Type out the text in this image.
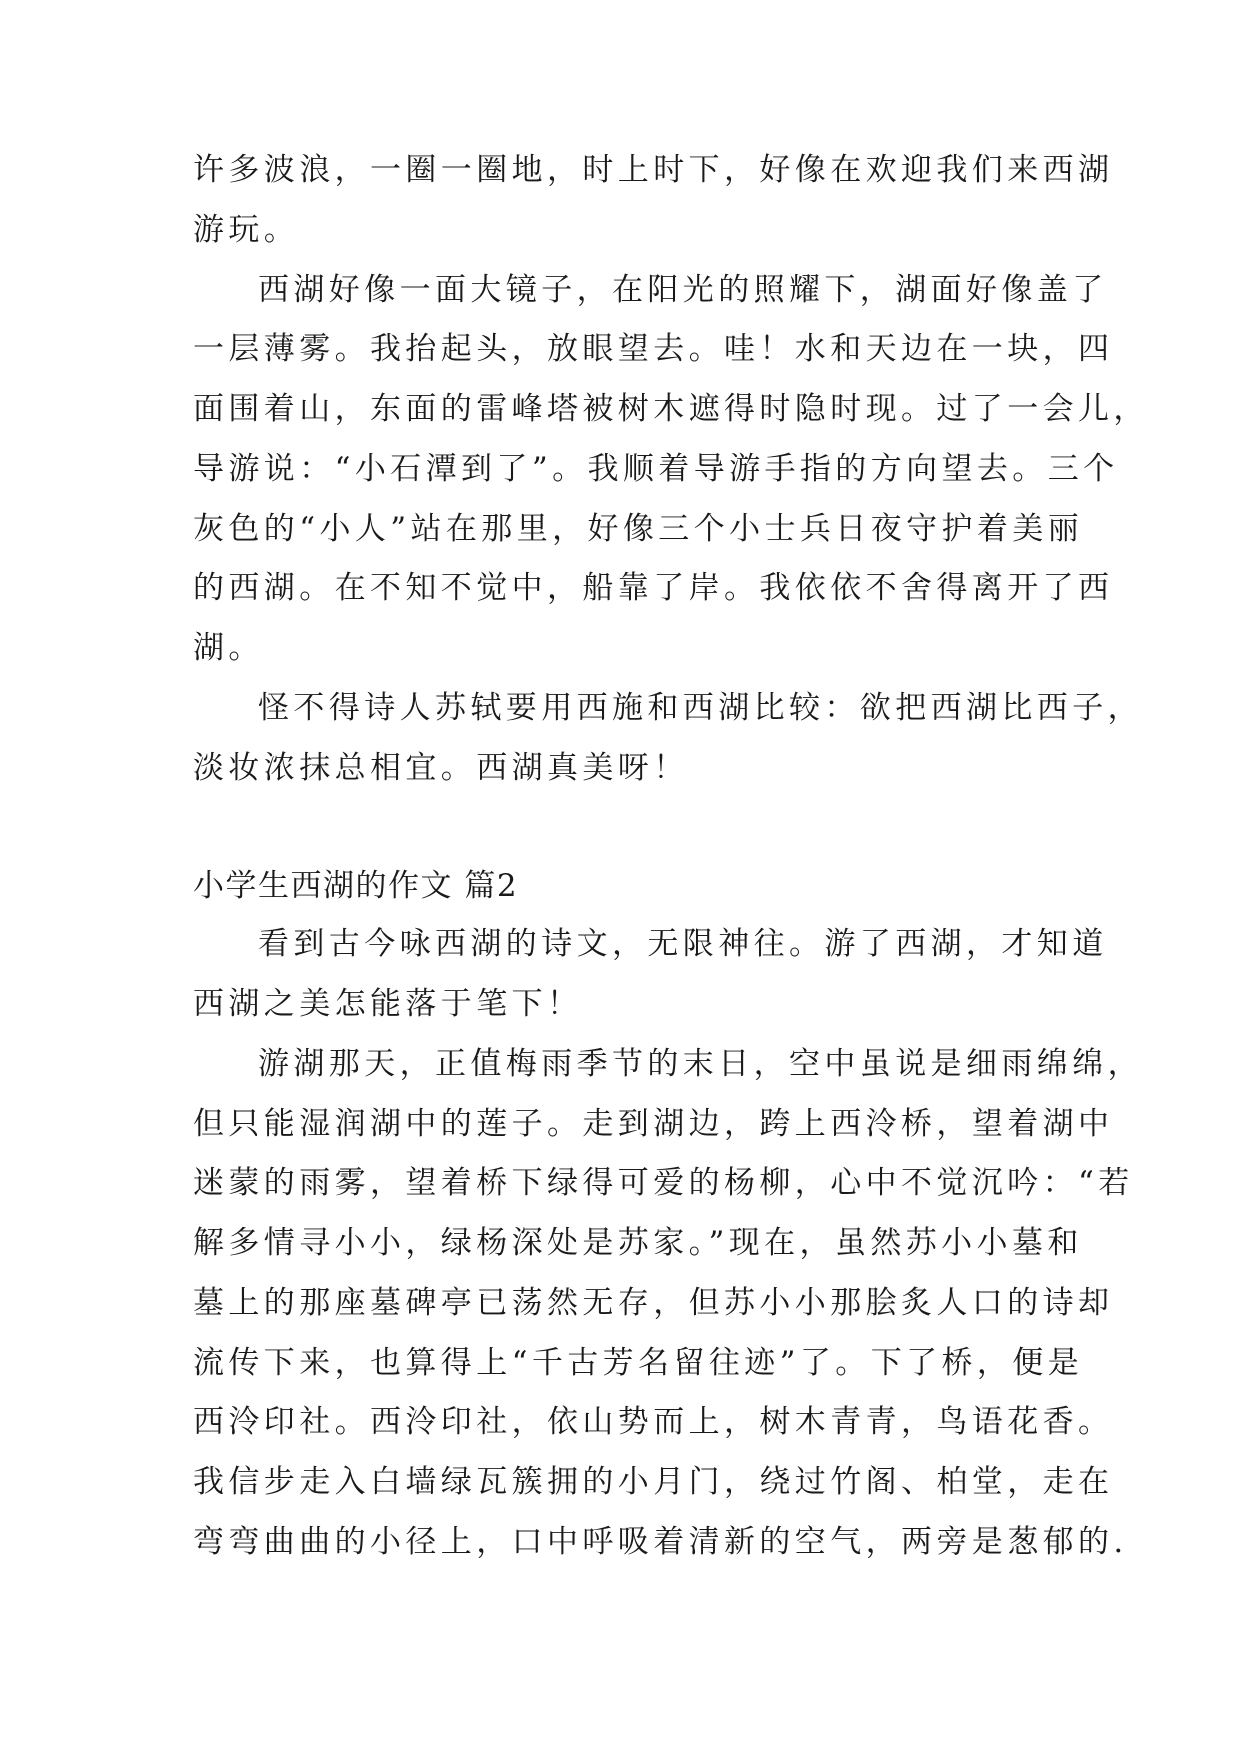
许多波浪，一圈一圈地，时上时下，好像在欢迎我们来西湖
游玩。
西湖好像一面大镜子，在阳光的照耀下，湖面好像盖了
一层薄雾。我抬起头，放眼望去。哇！水和天边在一块，四
面围着山，东面的雷峰塔被树木遮得时隐时现。过了一会儿，
导游说：“小石潭到了”。我顺着导游手指的方向望去。三个
灰色的“小人”站在那里，好像三个小士兵日夜守护着美丽
的西湖。在不知不觉中，船靠了岸。我依依不舍得离开了西
湖。
怪不得诗人苏轼要用西施和西湖比较：欲把西湖比西子，
淡妆浓抹总相宜。西湖真美呀！
小学生西湖的作文 篇2
看到古今咏西湖的诗文，无限神往。游了西湖，才知道
西湖之美怎能落于笔下！
游湖那天，正值梅雨季节的末日，空中虽说是细雨绵绵，
但只能湿润湖中的莲子。走到湖边，跨上西泠桥，望着湖中
迷蒙的雨雾，望着桥下绿得可爱的杨柳，心中不觉沉吟：“若
解多情寻小小，绿杨深处是苏家。”现在，虽然苏小小墓和
墓上的那座墓碑亭已荡然无存，但苏小小那脍炙人口的诗却
流传下来，也算得上“千古芳名留往迹”了。下了桥，便是
西泠印社。西泠印社，依山势而上，树木青青，鸟语花香。
我信步走入白墙绿瓦簇拥的小月门，绕过竹阁、柏堂，走在
弯弯曲曲的小径上，口中呼吸着清新的空气，两旁是葱郁的.
